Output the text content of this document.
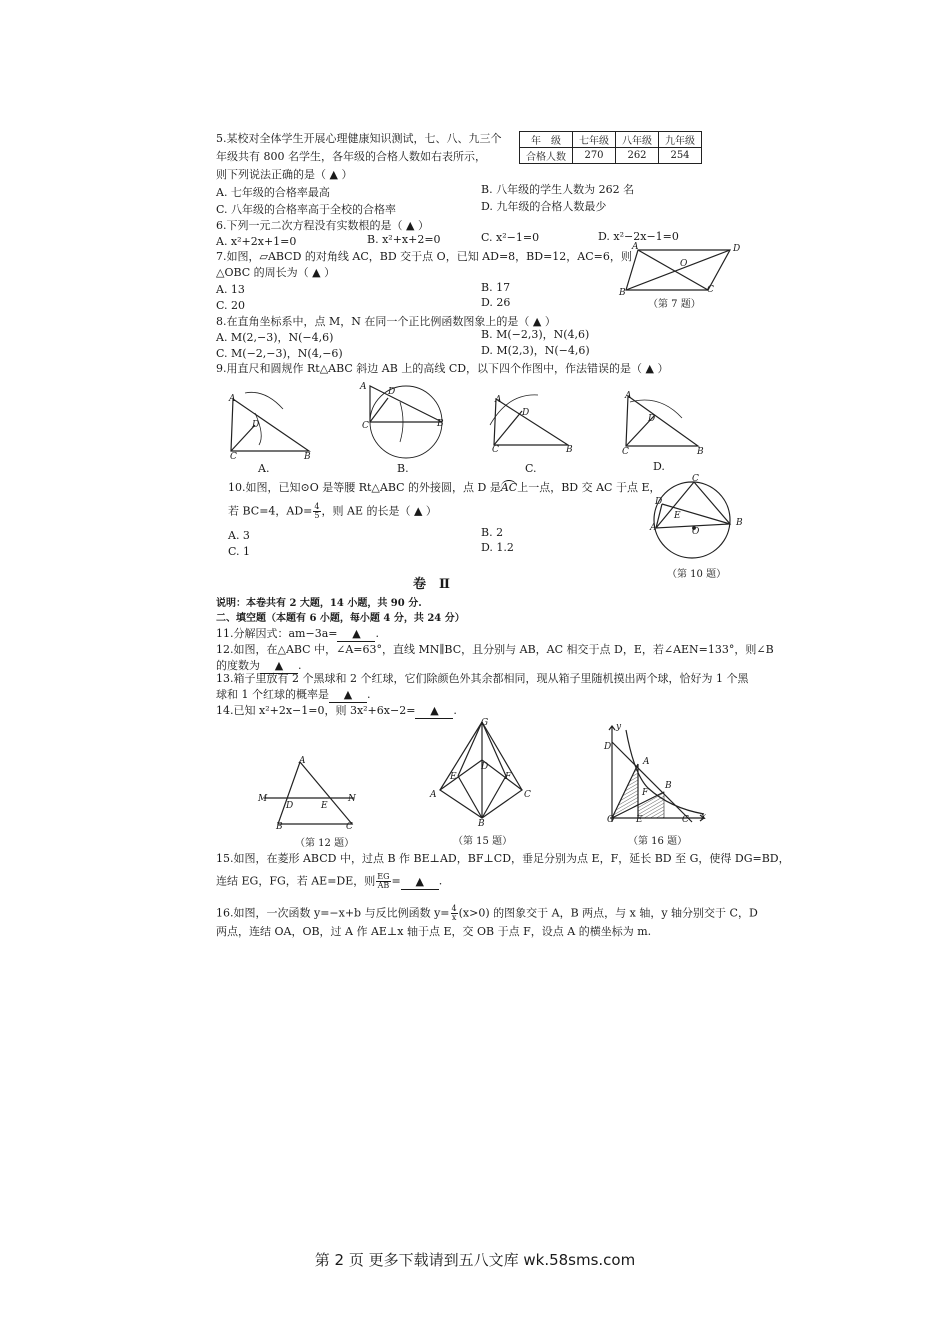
5.某校对全体学生开展心理健康知识测试，七、八、九三个
年级共有 800 名学生，各年级的合格人数如右表所示，
则下列说法正确的是（ ▲ ）
年　级	七年级	八年级	九年级
合格人数	270	262	254
A. 七年级的合格率最高	B. 八年级的学生人数为 262 名
C. 八年级的合格率高于全校的合格率	D. 九年级的合格人数最少
6.下列一元二次方程没有实数根的是（ ▲ ）
A. x²+2x+1=0	B. x²+x+2=0	C. x²−1=0	D. x²−2x−1=0
7.如图，▱ABCD 的对角线 AC，BD 交于点 O，已知 AD=8，BD=12，AC=6，则
△OBC 的周长为（ ▲ ）
A. 13	B. 17
C. 20	D. 26
A	D
O
B	C
（第 7 题）
8.在直角坐标系中，点 M，N 在同一个正比例函数图象上的是（ ▲ ）
A. M(2,−3)，N(−4,6)	B. M(−2,3)，N(4,6)
C. M(−2,−3)，N(4,−6)	D. M(2,3)，N(−4,6)
9.用直尺和圆规作 Rt△ABC 斜边 AB 上的高线 CD，以下四个作图中，作法错误的是（ ▲ ）
A
D
C	B
A.
A D
C	B
B.
A
D
C	B
C.
A
D
C	B
D.
10.如图，已知⊙O 是等腰 Rt△ABC 的外接圆，点 D 是AC上一点，BD 交 AC 于点 E，
若 BC=4，$AD= \frac{4}{5}$ ，则 AE 的长是（ ▲ ）
A. 3	B. 2
C. 1	D. 1.2
C
D
E
A	B
O
（第 10 题）
卷　Ⅱ
说明：本卷共有 2 大题，14 小题，共 90 分.
二、填空题（本题有 6 小题，每小题 4 分，共 24 分）
11.分解因式：am−3a= ▲ .
12.如图，在△ABC 中，∠A=63°，直线 MN∥BC，且分别与 AB，AC 相交于点 D，E，若∠AEN=133°，则∠B
的度数为 ▲ .
13.箱子里放有 2 个黑球和 2 个红球，它们除颜色外其余都相同，现从箱子里随机摸出两个球，恰好为 1 个黑
球和 1 个红球的概率是 ▲ .
14.已知 x²+2x−1=0，则 3x²+6x−2= ▲ .
A
M
D	E
N
B	C
（第 12 题）
G
D
E	F
A	C
B
（第 15 题）
y
D
A
B
F
O E	C x
（第 16 题）
15.如图，在菱形 ABCD 中，过点 B 作 BE⊥AD，BF⊥CD，垂足分别为点 E，F，延长 BD 至 G，使得 DG=BD，
连结 EG，FG，若 AE=DE，则 $\frac{EG}{AB}$ = ▲ .
16.如图，一次函数 y=−x+b 与反比例函数 $y= \frac{4}{x} (x>0)$ 的图象交于 A，B 两点，与 x 轴，y 轴分别交于 C，D
两点，连结 OA，OB，过 A 作 AE⊥x 轴于点 E，交 OB 于点 F，设点 A 的横坐标为 m.
第 2 页 更多下载请到五八文库 wk.58sms.com
